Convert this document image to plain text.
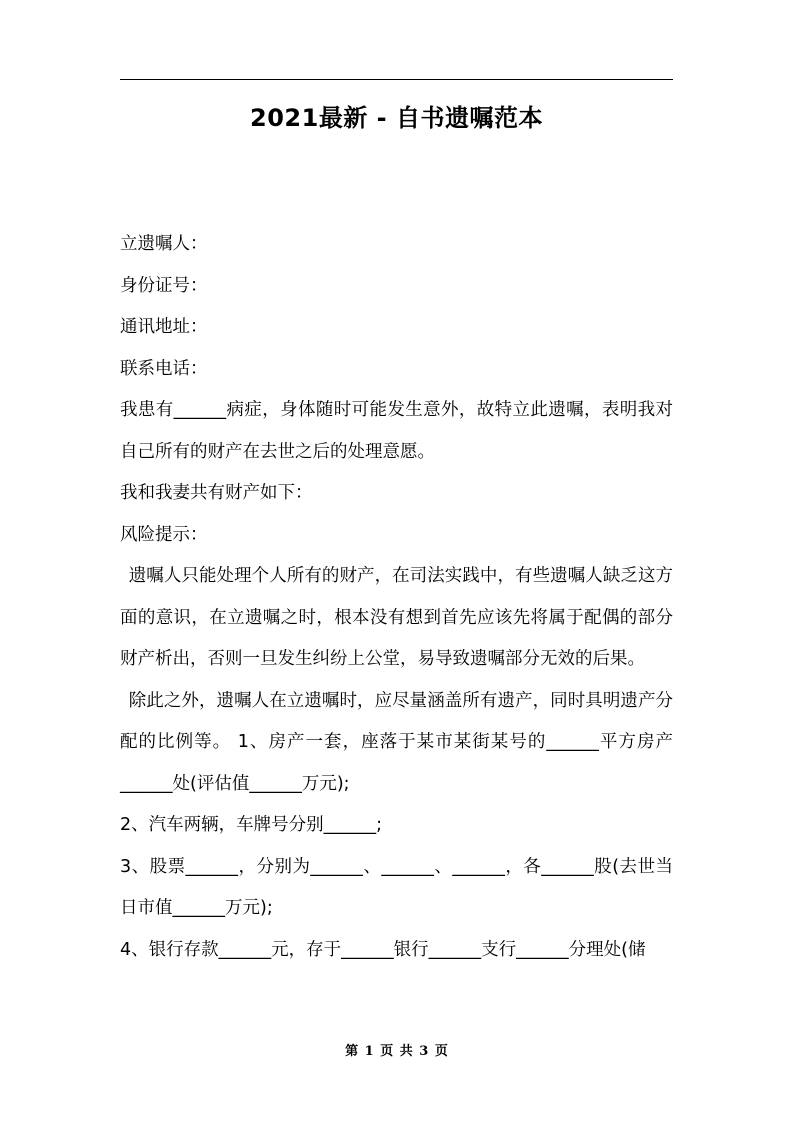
2021最新 - 自书遗嘱范本

立遗嘱人：

身份证号：

通讯地址：

联系电话：

我患有______病症，身体随时可能发生意外，故特立此遗嘱，表明我对自己所有的财产在去世之后的处理意愿。

我和我妻共有财产如下：

风险提示：

遗嘱人只能处理个人所有的财产，在司法实践中，有些遗嘱人缺乏这方面的意识，在立遗嘱之时，根本没有想到首先应该先将属于配偶的部分财产析出，否则一旦发生纠纷上公堂，易导致遗嘱部分无效的后果。

除此之外，遗嘱人在立遗嘱时，应尽量涵盖所有遗产，同时具明遗产分配的比例等。 1、房产一套，座落于某市某街某号的______平方房产______处(评估值______万元);

2、汽车两辆，车牌号分别______;

3、股票______，分别为______、______、______，各______股(去世当日市值______万元);

4、银行存款______元，存于______银行______支行______分理处(储

第 1 页 共 3 页
